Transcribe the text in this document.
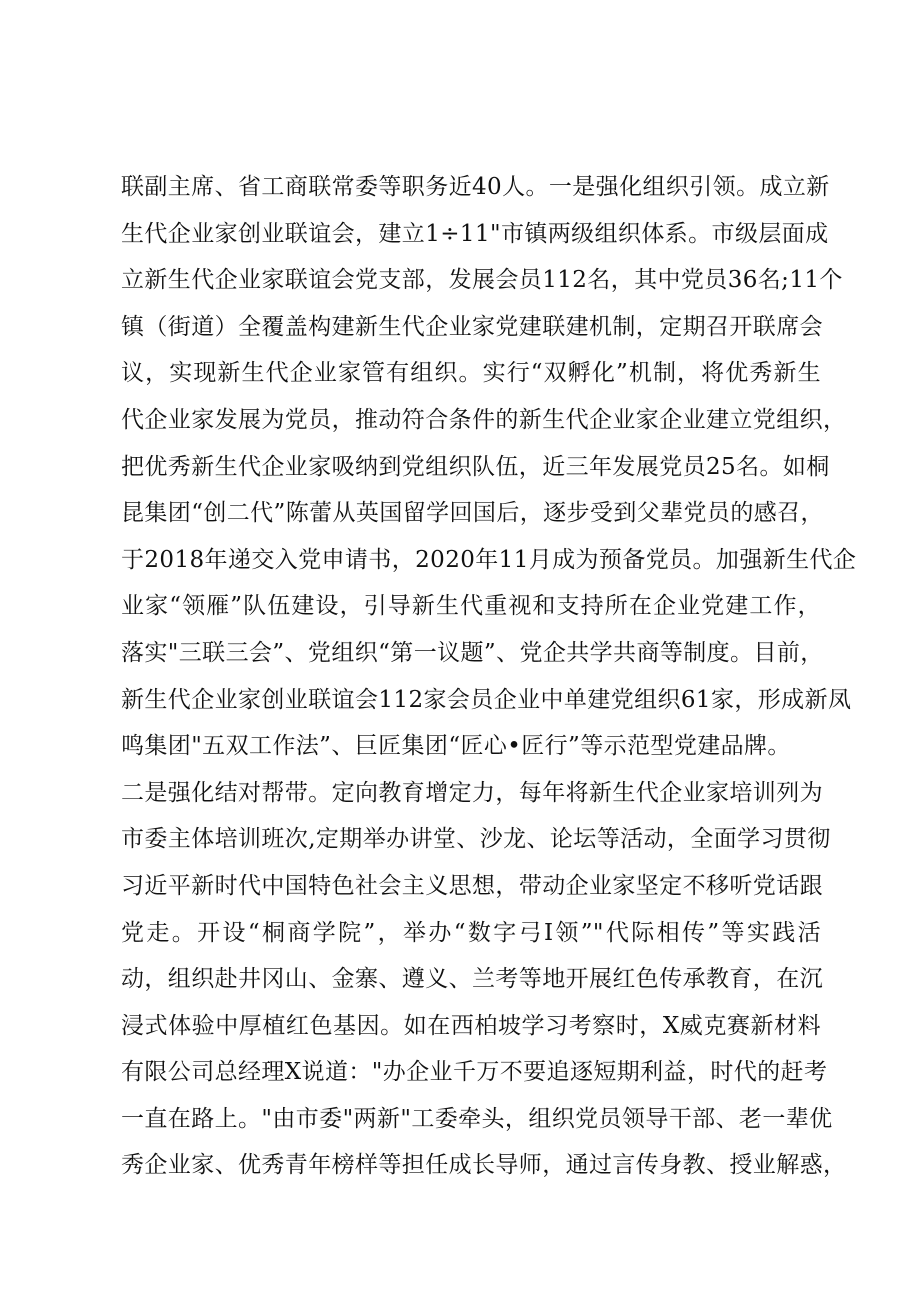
联副主席、省工商联常委等职务近40人。一是强化组织引领。成立新
生代企业家创业联谊会，建立1÷11"市镇两级组织体系。市级层面成
立新生代企业家联谊会党支部，发展会员112名，其中党员36名;11个
镇（街道）全覆盖构建新生代企业家党建联建机制，定期召开联席会
议，实现新生代企业家管有组织。实行“双孵化”机制，将优秀新生
代企业家发展为党员，推动符合条件的新生代企业家企业建立党组织，
把优秀新生代企业家吸纳到党组织队伍，近三年发展党员25名。如桐
昆集团“创二代”陈蕾从英国留学回国后，逐步受到父辈党员的感召，
于2018年递交入党申请书，2020年11月成为预备党员。加强新生代企
业家“领雁”队伍建设，引导新生代重视和支持所在企业党建工作，
落实"三联三会”、党组织“第一议题”、党企共学共商等制度。目前，
新生代企业家创业联谊会112家会员企业中单建党组织61家，形成新凤
鸣集团"五双工作法”、巨匠集团“匠心•匠行”等示范型党建品牌。
二是强化结对帮带。定向教育增定力，每年将新生代企业家培训列为
市委主体培训班次,定期举办讲堂、沙龙、论坛等活动，全面学习贯彻
习近平新时代中国特色社会主义思想，带动企业家坚定不移听党话跟
党走。开设“桐商学院”，举办“数字弓I领”"代际相传”等实践活
动，组织赴井冈山、金寨、遵义、兰考等地开展红色传承教育，在沉
浸式体验中厚植红色基因。如在西柏坡学习考察时，X威克赛新材料
有限公司总经理X说道："办企业千万不要追逐短期利益，时代的赶考
一直在路上。"由市委"两新"工委牵头，组织党员领导干部、老一辈优
秀企业家、优秀青年榜样等担任成长导师，通过言传身教、授业解惑，
